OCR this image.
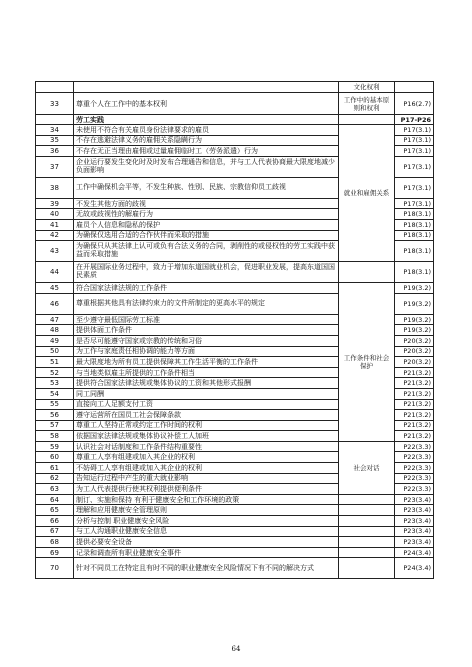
		文化权利	
33	尊重个人在工作中的基本权利	工作中的基本原则和权利	P16(2.7)
	劳工实践		P17-P26
34	未使用不符合有关雇员身份法律要求的雇员	就业和雇佣关系	P17(3.1)
35	不存在逃避法律义务的雇佣关系隐瞒行为		P17(3.1)
36	不存在无正当理由雇佣或过量雇佣临时工（劳务派遣）行为		P17(3.1)
37	企业运行要发生变化时及时发布合理通告和信息，并与工人代表协商最大限度地减少负面影响		P17(3.1)
38	工作中确保机会平等，不发生种族、性别、民族、宗教信仰员工歧视		P17(3.1)
39	不发生其他方面的歧视		P17(3.1)
40	无故或歧视性的解雇行为		P18(3.1)
41	雇员个人信息和隐私的保护		P18(3.1)
42	为确保仅选用合适的合作伙伴而采取的措施		P18(3.1)
43	为确保只从其法律上认可或负有合法义务的合同，剥削性的或侵权性的劳工实践中获益而采取措施		P18(3.1)
44	在开展国际业务过程中，致力于增加东道国就业机会，促进职业发展，提高东道国国民素质		P18(3.1)
45	符合国家法律法规的工作条件	工作条件和社会保护	P19(3.2)
46	尊重根据其他具有法律约束力的文件所制定的更高水平的规定		P19(3.2)
47	至少遵守最低国际劳工标准		P19(3.2)
48	提供体面工作条件		P19(3.2)
49	是否尽可能遵守国家或宗教的传统和习俗		P20(3.2)
50	为工作与家庭责任相协调的能力等方面		P20(3.2)
51	最大限度地为所有员工提供保障其工作生活平衡的工作条件		P20(3.2)
52	与当地类似雇主所提供的工作条件相当		P21(3.2)
53	提供符合国家法律法规或集体协议的工资和其他形式报酬		P21(3.2)
54	同工同酬		P21(3.2)
55	直接向工人足额支付工资		P21(3.2)
56	遵守运营所在国员工社会保障条款		P21(3.2)
57	尊重工人坚持正常或约定工作时间的权利		P21(3.2)
58	依据国家法律法规或集体协议补偿工人加班		P21(3.2)
59	认识社会对话制度和工作条件结构重要性	社会对话	P22(3.3)
60	尊重工人享有组建或加入其企业的权利		P22(3.3)
61	不妨碍工人享有组建或加入其企业的权利		P22(3.3)
62	告知运行过程中产生的重大就业影响		P22(3.3)
63	为工人代表提供行使其权利提供便利条件		P22(3.3)
64	制订、实施和保持 有利于健康安全和工作环境的政策		P23(3.4)
65	理解和应用健康安全管理原则		P23(3.4)
66	分析与控制 职业健康安全风险		P23(3.4)
67	与工人沟通职业健康安全信息		P23(3.4)
68	提供必要安全设备		P23(3.4)
69	记录和调查所有职业健康安全事件		P24(3.4)
70	针对不同员工在特定且有时不同的职业健康安全风险情况下有不同的解决方式		P24(3.4)
64
